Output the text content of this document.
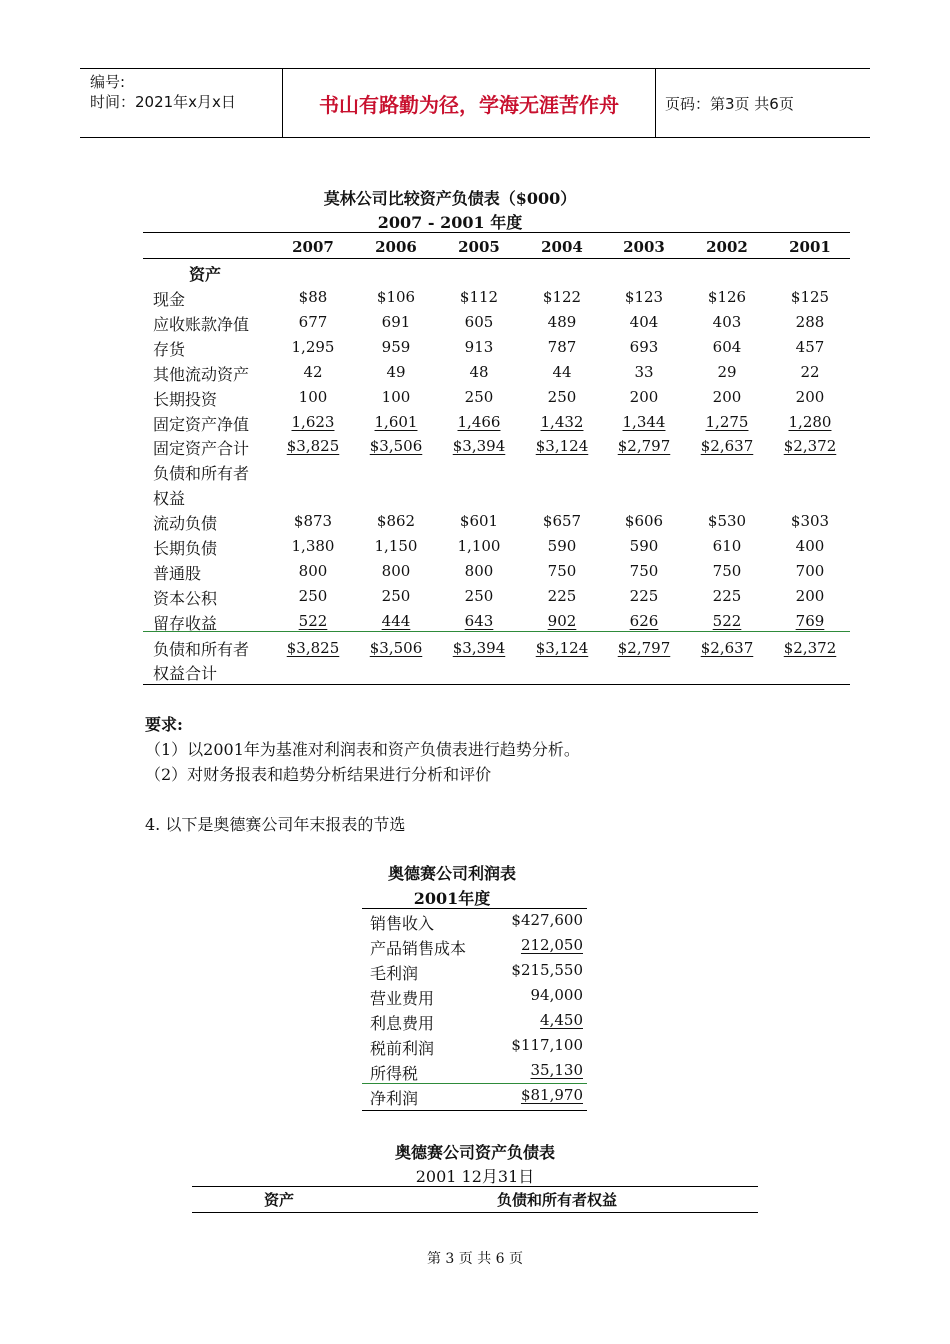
编号:
时间：2021年x月x日	书山有路勤为径，学海无涯苦作舟	页码：第3页 共6页
莫林公司比较资产负债表（$000）
2007 - 2001 年度
2007	2006	2005	2004	2003	2002	2001
资产
现金	$88	$106	$112	$122	$123	$126	$125
应收账款净值	677	691	605	489	404	403	288
存货	1,295	959	913	787	693	604	457
其他流动资产	42	49	48	44	33	29	22
长期投资	100	100	250	250	200	200	200
固定资产净值	1,623	1,601	1,466	1,432	1,344	1,275	1,280
固定资产合计	$3,825	$3,506	$3,394	$3,124	$2,797	$2,637	$2,372
负债和所有者
权益
流动负债	$873	$862	$601	$657	$606	$530	$303
长期负债	1,380	1,150	1,100	590	590	610	400
普通股	800	800	800	750	750	750	700
资本公积	250	250	250	225	225	225	200
留存收益	522	444	643	902	626	522	769
负债和所有者	$3,825	$3,506	$3,394	$3,124	$2,797	$2,637	$2,372
权益合计
要求:
（1）以2001年为基准对利润表和资产负债表进行趋势分析。
（2）对财务报表和趋势分析结果进行分析和评价
4. 以下是奥德赛公司年末报表的节选
奥德赛公司利润表
2001年度
销售收入	$427,600
产品销售成本	212,050
毛利润	$215,550
营业费用	94,000
利息费用	4,450
税前利润	$117,100
所得税	35,130
净利润	$81,970
奥德赛公司资产负债表
2001 12月31日
资产	负债和所有者权益
第 3 页 共 6 页
